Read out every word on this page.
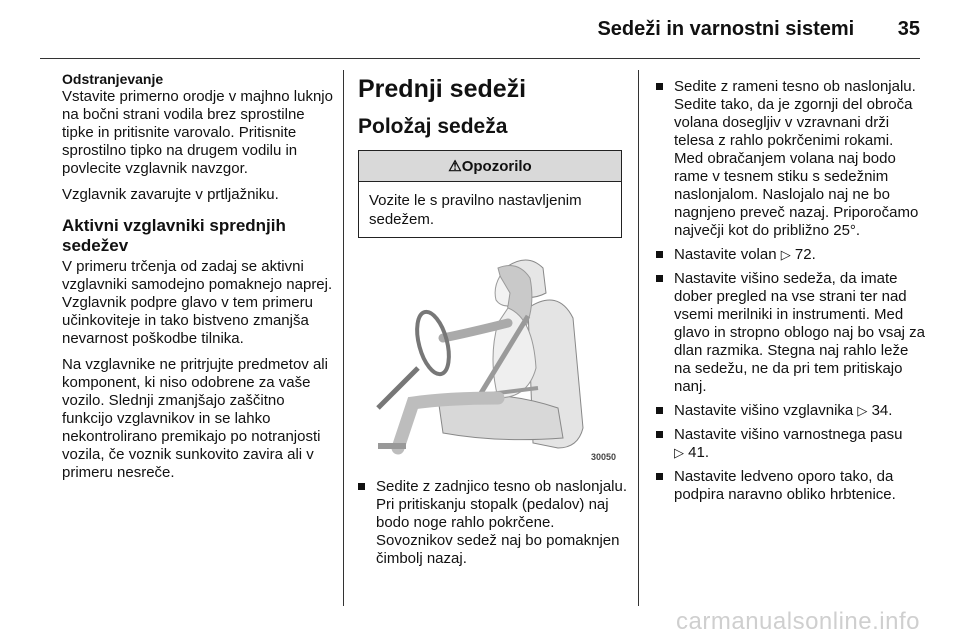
Sedeži in varnostni sistemi 35
Odstranjevanje

Vstavite primerno orodje v majhno luknjo na bočni strani vodila brez sprostilne tipke in pritisnite varovalo. Pritisnite sprostilno tipko na drugem vodilu in povlecite vzglavnik navzgor.

Vzglavnik zavarujte v prtljažniku.

Aktivni vzglavniki sprednjih sedežev

V primeru trčenja od zadaj se aktivni vzglavniki samodejno pomaknejo naprej. Vzglavnik podpre glavo v tem primeru učinkoviteje in tako bistveno zmanjša nevarnost poškodbe tilnika.

Na vzglavnike ne pritrjujte predmetov ali komponent, ki niso odobrene za vaše vozilo. Slednji zmanjšajo zaščitno funkcijo vzglavnikov in se lahko nekontrolirano premikajo po notranjosti vozila, če voznik sunkovito zavira ali v primeru nesreče.

Prednji sedeži
Položaj sedeža
⚠Opozorilo
Vozite le s pravilno nastavljenim sedežem.
30050
Sedite z zadnjico tesno ob naslonjalu. Pri pritiskanju stopalk (pedalov) naj bodo noge rahlo pokrčene. Sovoznikov sedež naj bo pomaknjen čimbolj nazaj.
Sedite z rameni tesno ob naslonjalu. Sedite tako, da je zgornji del obroča volana dosegljiv v vzravnani drži telesa z rahlo pokrčenimi rokami. Med obračanjem volana naj bodo rame v tesnem stiku s sedežnim naslonjalom. Naslojalo naj ne bo nagnjeno preveč nazaj. Priporočamo največji kot do približno 25°.
Nastavite volan ▷ 72.
Nastavite višino sedeža, da imate dober pregled na vse strani ter nad vsemi merilniki in instrumenti. Med glavo in stropno oblogo naj bo vsaj za dlan razmika. Stegna naj rahlo leže na sedežu, ne da pri tem pritiskajo nanj.
Nastavite višino vzglavnika ▷ 34.
Nastavite višino varnostnega pasu
▷ 41.
Nastavite ledveno oporo tako, da podpira naravno obliko hrbtenice.
carmanualsonline.info
